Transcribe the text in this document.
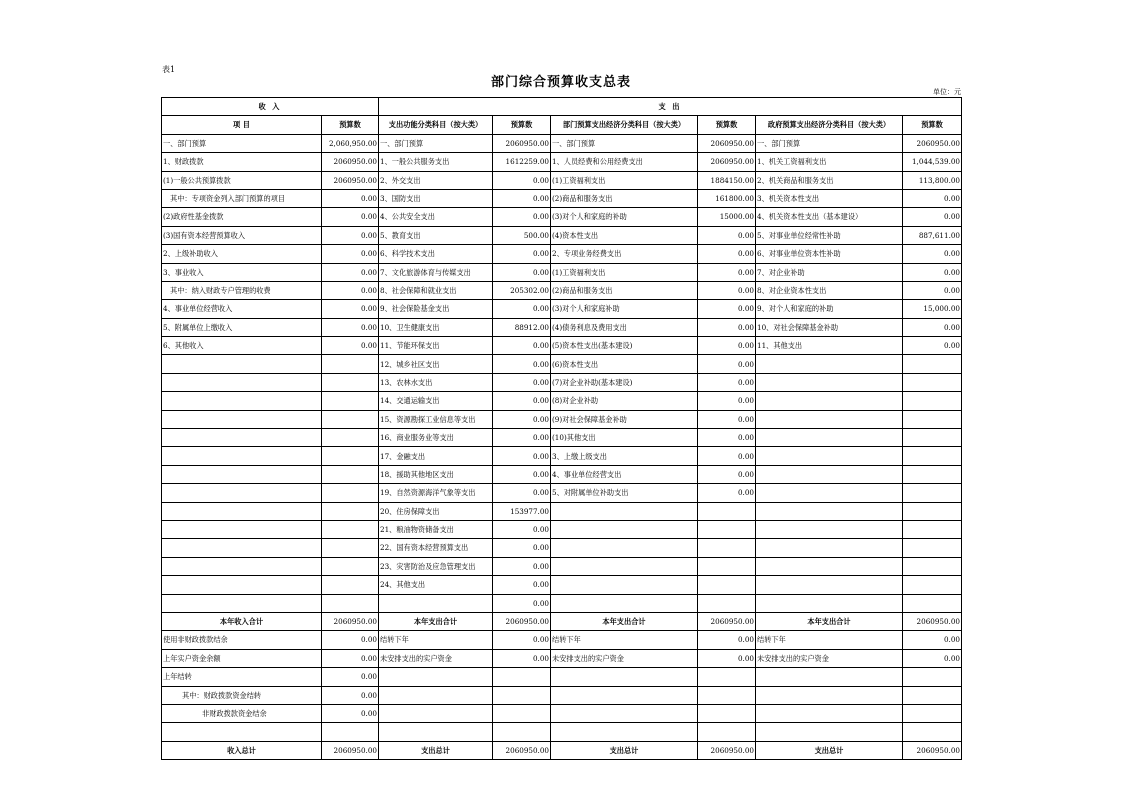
表1
部门综合预算收支总表
单位：元
收 入		支 出					
项 目	预算数	支出功能分类科目（按大类）	预算数	部门预算支出经济分类科目（按大类）	预算数	政府预算支出经济分类科目（按大类）	预算数
一、部门预算	2,060,950.00	一、部门预算	2060950.00	一、部门预算	2060950.00	一、部门预算	2060950.00
1、财政拨款	2060950.00	1、一般公共服务支出	1612259.00	1、人员经费和公用经费支出	2060950.00	1、机关工资福利支出	1,044,539.00
(1)一般公共预算拨款	2060950.00	2、外交支出	0.00	(1)工资福利支出	1884150.00	2、机关商品和服务支出	113,800.00
其中：专项资金列入部门预算的项目	0.00	3、国防支出	0.00	(2)商品和服务支出	161800.00	3、机关资本性支出	0.00
(2)政府性基金拨款	0.00	4、公共安全支出	0.00	(3)对个人和家庭的补助	15000.00	4、机关资本性支出（基本建设）	0.00
(3)国有资本经营预算收入	0.00	5、教育支出	500.00	(4)资本性支出	0.00	5、对事业单位经常性补助	887,611.00
2、上级补助收入	0.00	6、科学技术支出	0.00	2、专项业务经费支出	0.00	6、对事业单位资本性补助	0.00
3、事业收入	0.00	7、文化旅游体育与传媒支出	0.00	(1)工资福利支出	0.00	7、对企业补助	0.00
其中：纳入财政专户管理的收费	0.00	8、社会保障和就业支出	205302.00	(2)商品和服务支出	0.00	8、对企业资本性支出	0.00
4、事业单位经营收入	0.00	9、社会保险基金支出	0.00	(3)对个人和家庭补助	0.00	9、对个人和家庭的补助	15,000.00
5、附属单位上缴收入	0.00	10、卫生健康支出	88912.00	(4)债务利息及费用支出	0.00	10、对社会保障基金补助	0.00
6、其他收入	0.00	11、节能环保支出	0.00	(5)资本性支出(基本建设)	0.00	11、其他支出	0.00
		12、城乡社区支出	0.00	(6)资本性支出	0.00		
		13、农林水支出	0.00	(7)对企业补助(基本建设)	0.00		
		14、交通运输支出	0.00	(8)对企业补助	0.00		
		15、资源勘探工业信息等支出	0.00	(9)对社会保障基金补助	0.00		
		16、商业服务业等支出	0.00	(10)其他支出	0.00		
		17、金融支出	0.00	3、上缴上级支出	0.00		
		18、援助其他地区支出	0.00	4、事业单位经营支出	0.00		
		19、自然资源海洋气象等支出	0.00	5、对附属单位补助支出	0.00		
		20、住房保障支出	153977.00				
		21、粮油物资储备支出	0.00				
		22、国有资本经营预算支出	0.00				
		23、灾害防治及应急管理支出	0.00				
		24、其他支出	0.00				
			0.00				
本年收入合计	2060950.00	本年支出合计	2060950.00	本年支出合计	2060950.00	本年支出合计	2060950.00
使用非财政拨款结余	0.00	结转下年	0.00	结转下年	0.00	结转下年	0.00
上年实户资金余额	0.00	未安排支出的实户资金	0.00	未安排支出的实户资金	0.00	未安排支出的实户资金	0.00
上年结转	0.00						
其中：财政拨款资金结转	0.00						
非财政拨款资金结余	0.00						

收入总计	2060950.00	支出总计	2060950.00	支出总计	2060950.00	支出总计	2060950.00
